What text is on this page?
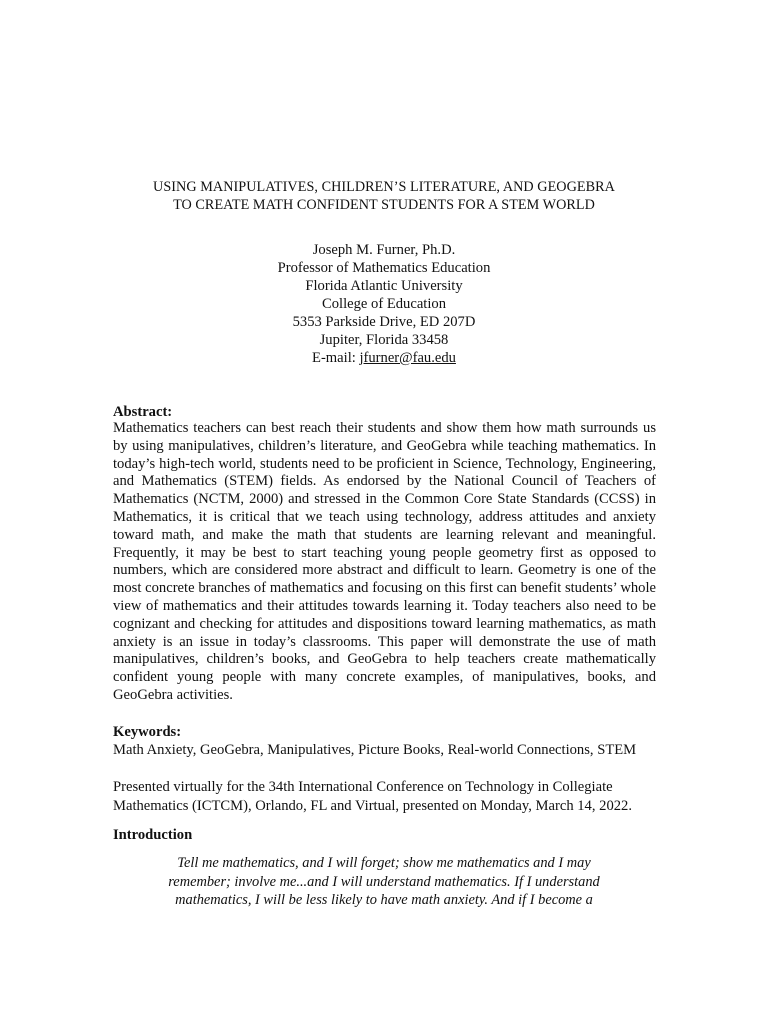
USING MANIPULATIVES, CHILDREN’S LITERATURE, AND GEOGEBRA
TO CREATE MATH CONFIDENT STUDENTS FOR A STEM WORLD
Joseph M. Furner, Ph.D.
Professor of Mathematics Education
Florida Atlantic University
College of Education
5353 Parkside Drive, ED 207D
Jupiter, Florida 33458
E-mail: jfurner@fau.edu
Abstract:
Mathematics teachers can best reach their students and show them how math surrounds us by using manipulatives, children’s literature, and GeoGebra while teaching mathematics. In today’s high-tech world, students need to be proficient in Science, Technology, Engineering, and Mathematics (STEM) fields. As endorsed by the National Council of Teachers of Mathematics (NCTM, 2000) and stressed in the Common Core State Standards (CCSS) in Mathematics, it is critical that we teach using technology, address attitudes and anxiety toward math, and make the math that students are learning relevant and meaningful. Frequently, it may be best to start teaching young people geometry first as opposed to numbers, which are considered more abstract and difficult to learn. Geometry is one of the most concrete branches of mathematics and focusing on this first can benefit students’ whole view of mathematics and their attitudes towards learning it. Today teachers also need to be cognizant and checking for attitudes and dispositions toward learning mathematics, as math anxiety is an issue in today’s classrooms. This paper will demonstrate the use of math manipulatives, children’s books, and GeoGebra to help teachers create mathematically confident young people with many concrete examples, of manipulatives, books, and GeoGebra activities.
Keywords:
Math Anxiety, GeoGebra, Manipulatives, Picture Books, Real-world Connections, STEM
Presented virtually for the 34th International Conference on Technology in Collegiate Mathematics (ICTCM), Orlando, FL and Virtual, presented on Monday, March 14, 2022.
Introduction
Tell me mathematics, and I will forget; show me mathematics and I may
remember; involve me...and I will understand mathematics. If I understand
mathematics, I will be less likely to have math anxiety. And if I become a
